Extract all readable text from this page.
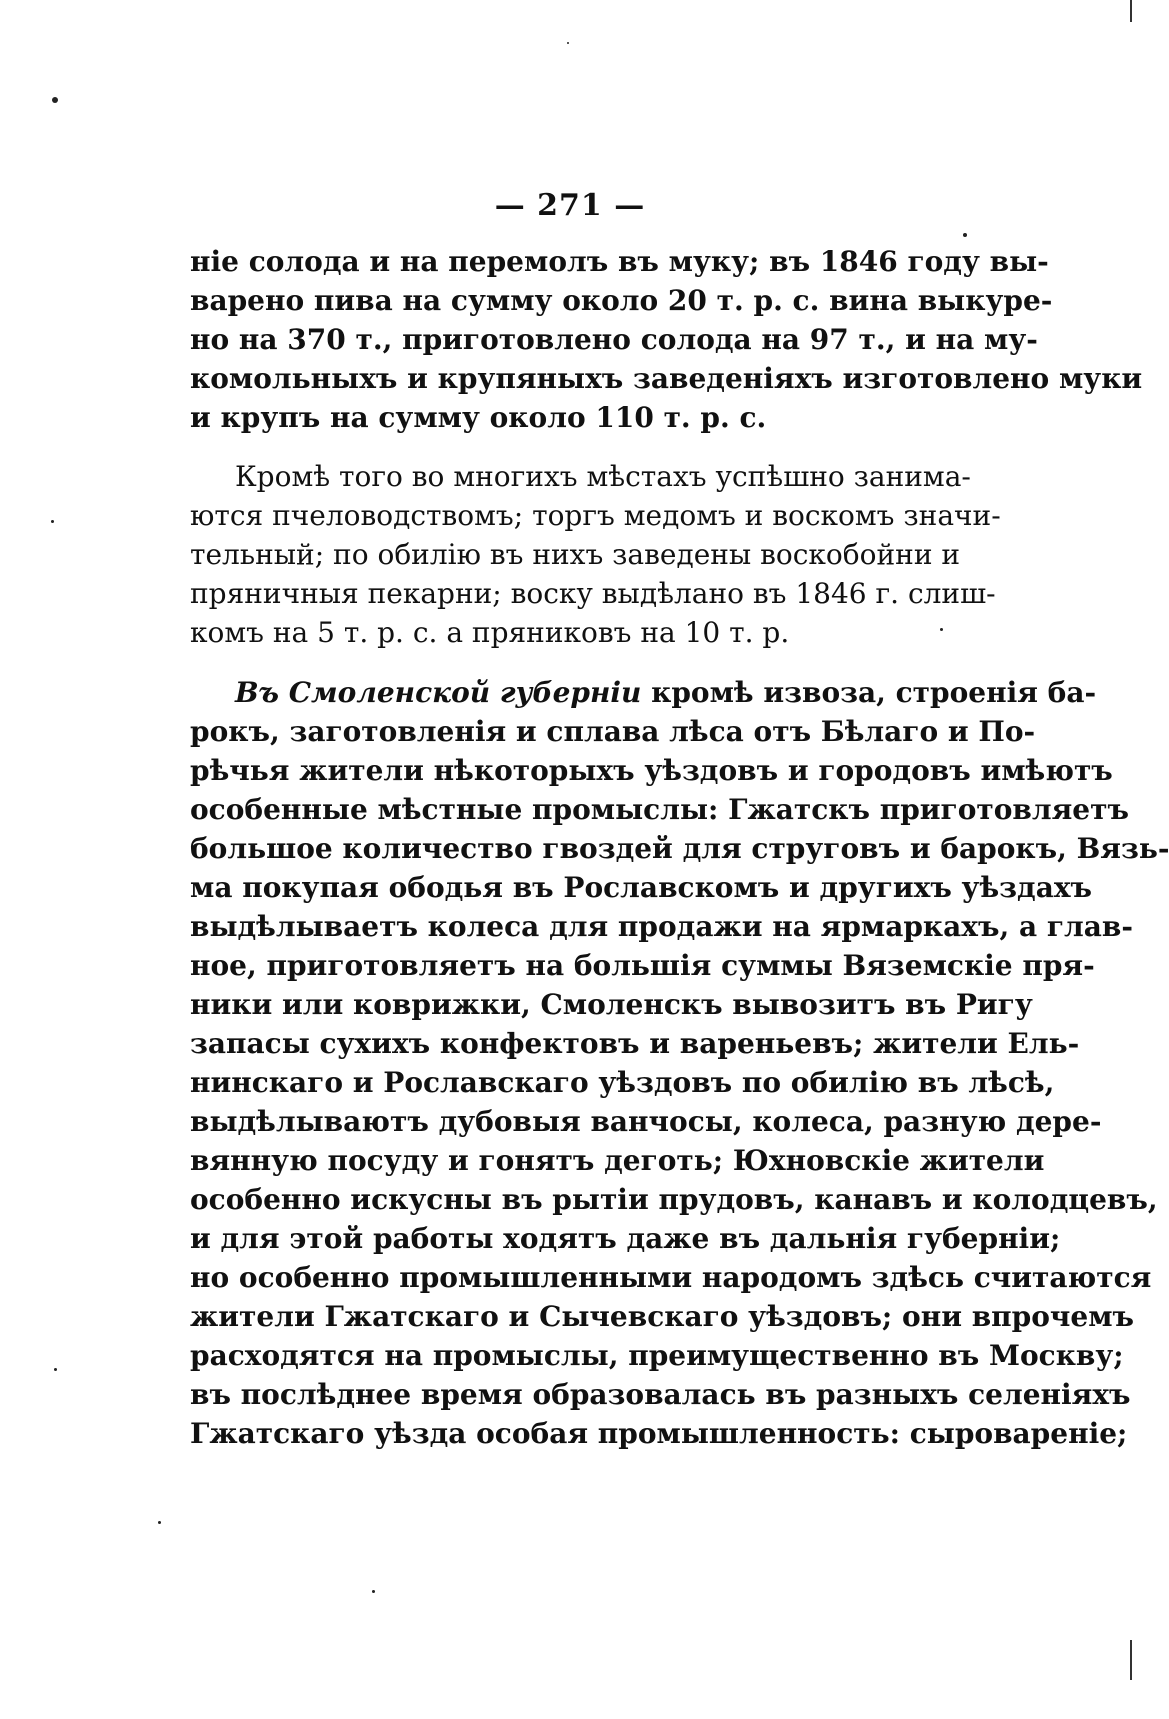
— 271 —
ніе солода и на перемолъ въ муку; въ 1846 году вы-
варено пива на сумму около 20 т. р. с. вина выкуре-
но на 370 т., приготовлено солода на 97 т., и на му-
комольныхъ и крупяныхъ заведеніяхъ изготовлено муки
и крупъ на сумму около 110 т. р. с.
Кромѣ того во многихъ мѣстахъ успѣшно занима-
ются пчеловодствомъ; торгъ медомъ и воскомъ значи-
тельный; по обилію въ нихъ заведены воскобойни и
пряничныя пекарни; воску выдѣлано въ 1846 г. слиш-
комъ на 5 т. р. с. а пряниковъ на 10 т. р.
Въ Смоленской губерніи кромѣ извоза, строенія ба-
рокъ, заготовленія и сплава лѣса отъ Бѣлаго и По-
рѣчья жители нѣкоторыхъ уѣздовъ и городовъ имѣютъ
особенные мѣстные промыслы: Гжатскъ приготовляетъ
большое количество гвоздей для струговъ и барокъ, Вязь-
ма покупая ободья въ Рославскомъ и другихъ уѣздахъ
выдѣлываетъ колеса для продажи на ярмаркахъ, а глав-
ное, приготовляетъ на большія суммы Вяземскіе пря-
ники или коврижки, Смоленскъ вывозитъ въ Ригу
запасы сухихъ конфектовъ и вареньевъ; жители Ель-
нинскаго и Рославскаго уѣздовъ по обилію въ лѣсѣ,
выдѣлываютъ дубовыя ванчосы, колеса, разную дере-
вянную посуду и гонятъ деготь; Юхновскіе жители
особенно искусны въ рытіи прудовъ, канавъ и колодцевъ,
и для этой работы ходятъ даже въ дальнія губерніи;
но особенно промышленными народомъ здѣсь считаются
жители Гжатскаго и Сычевскаго уѣздовъ; они впрочемъ
расходятся на промыслы, преимущественно въ Москву;
въ послѣднее время образовалась въ разныхъ селеніяхъ
Гжатскаго уѣзда особая промышленность: сыровареніе;
